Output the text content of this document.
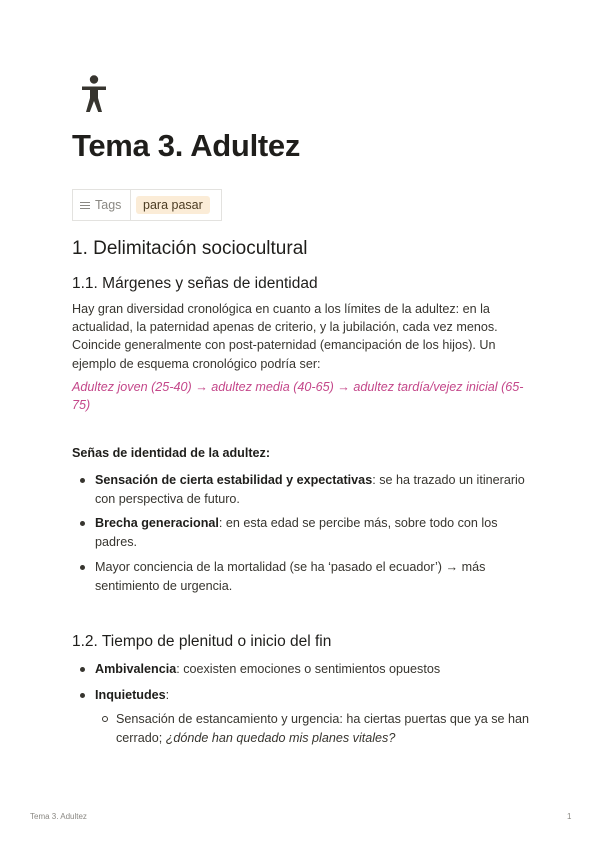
Tema 3. Adultez
Tags	para pasar
1. Delimitación sociocultural
1.1. Márgenes y señas de identidad
Hay gran diversidad cronológica en cuanto a los límites de la adultez: en la actualidad, la paternidad apenas de criterio, y la jubilación, cada vez menos. Coincide generalmente con post-paternidad (emancipación de los hijos). Un ejemplo de esquema cronológico podría ser:
Adultez joven (25-40) → adultez media (40-65) → adultez tardía/vejez inicial (65-75)
Señas de identidad de la adultez:
Sensación de cierta estabilidad y expectativas: se ha trazado un itinerario con perspectiva de futuro.
Brecha generacional: en esta edad se percibe más, sobre todo con los padres.
Mayor conciencia de la mortalidad (se ha ‘pasado el ecuador’) → más sentimiento de urgencia.
1.2. Tiempo de plenitud o inicio del fin
Ambivalencia: coexisten emociones o sentimientos opuestos
Inquietudes:
Sensación de estancamiento y urgencia: ha ciertas puertas que ya se han cerrado; ¿dónde han quedado mis planes vitales?
Tema 3. Adultez	1
